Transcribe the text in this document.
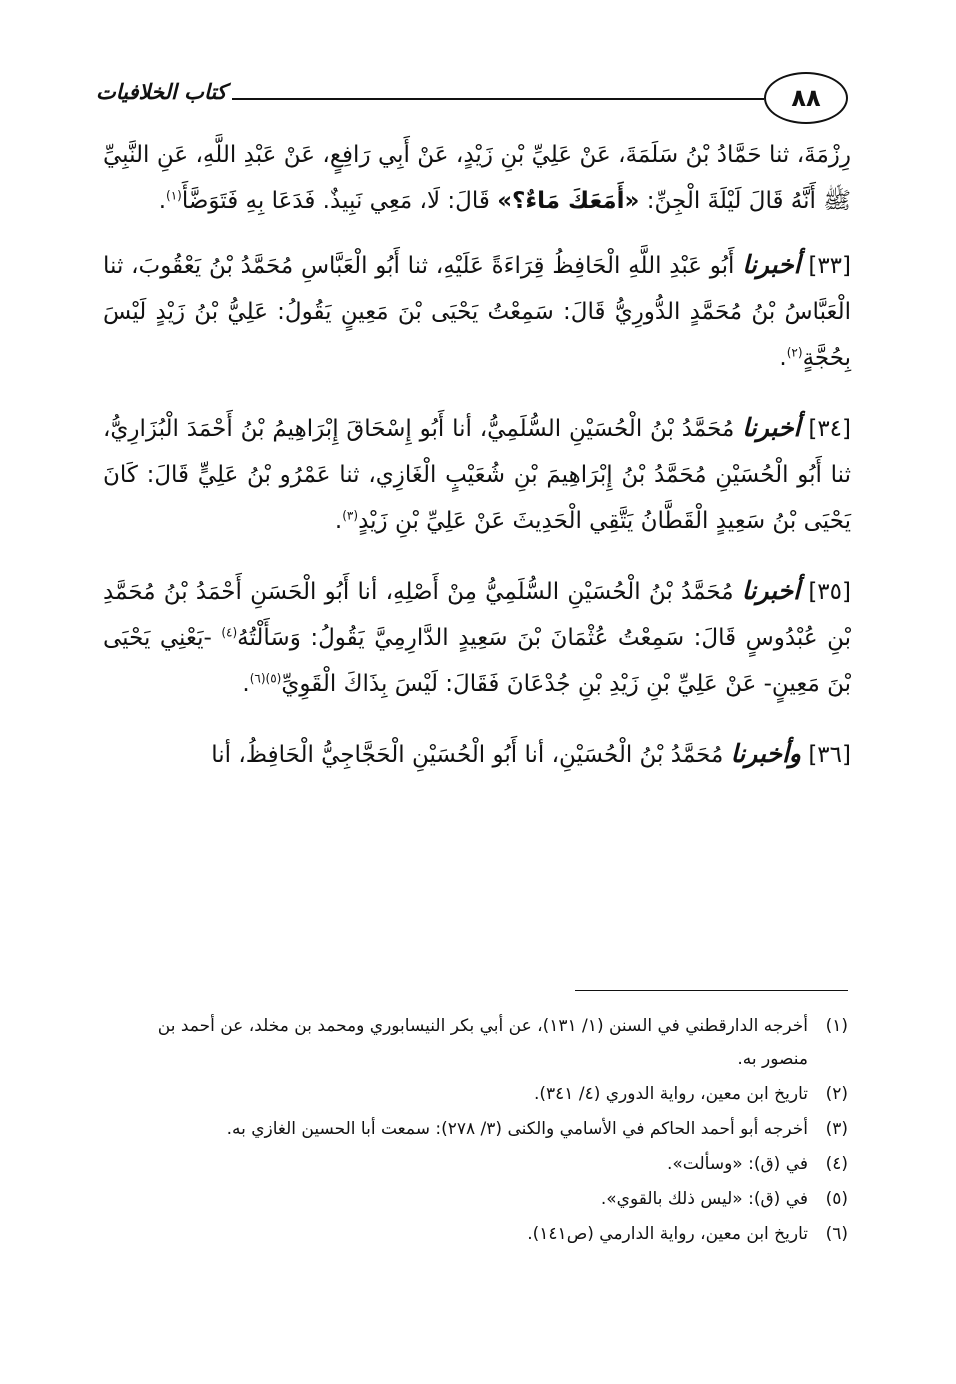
٨٨
كتاب الخلافيات

رِزْمَةَ، ثنا حَمَّادُ بْنُ سَلَمَةَ، عَنْ عَلِيِّ بْنِ زَيْدٍ، عَنْ أَبِي رَافِعٍ، عَنْ عَبْدِ اللَّهِ، عَنِ النَّبِيِّ ﷺ أَنَّهُ قَالَ لَيْلَةَ الْجِنِّ: «أَمَعَكَ مَاءٌ؟» قَالَ: لَا، مَعِي نَبِيذٌ. فَدَعَا بِهِ فَتَوَضَّأَ$^{(١)}$.

[٣٣] أخبرنا أَبُو عَبْدِ اللَّهِ الْحَافِظُ قِرَاءَةً عَلَيْهِ، ثنا أَبُو الْعَبَّاسِ مُحَمَّدُ بْنُ يَعْقُوبَ، ثنا الْعَبَّاسُ بْنُ مُحَمَّدٍ الدُّورِيُّ قَالَ: سَمِعْتُ يَحْيَى بْنَ مَعِينٍ يَقُولُ: عَلِيُّ بْنُ زَيْدٍ لَيْسَ بِحُجَّةٍ$^{(٢)}$.

[٣٤] أخبرنا مُحَمَّدُ بْنُ الْحُسَيْنِ السُّلَمِيُّ، أنا أَبُو إِسْحَاقَ إِبْرَاهِيمُ بْنُ أَحْمَدَ الْبُزَارِيُّ، ثنا أَبُو الْحُسَيْنِ مُحَمَّدُ بْنُ إِبْرَاهِيمَ بْنِ شُعَيْبٍ الْغَازِي، ثنا عَمْرُو بْنُ عَلِيٍّ قَالَ: كَانَ يَحْيَى بْنُ سَعِيدٍ الْقَطَّانُ يَتَّقِي الْحَدِيثَ عَنْ عَلِيِّ بْنِ زَيْدٍ$^{(٣)}$.

[٣٥] أخبرنا مُحَمَّدُ بْنُ الْحُسَيْنِ السُّلَمِيُّ مِنْ أَصْلِهِ، أنا أَبُو الْحَسَنِ أَحْمَدُ بْنُ مُحَمَّدِ بْنِ عُبْدُوسٍ قَالَ: سَمِعْتُ عُثْمَانَ بْنَ سَعِيدٍ الدَّارِمِيَّ يَقُولُ: وَسَأَلْتُهُ$^{(٤)}$ -يَعْنِي يَحْيَى بْنَ مَعِينٍ- عَنْ عَلِيِّ بْنِ زَيْدِ بْنِ جُدْعَانَ فَقَالَ: لَيْسَ بِذَاكَ الْقَوِيِّ$^{(٥)(٦)}$.

[٣٦] وأخبرنا مُحَمَّدُ بْنُ الْحُسَيْنِ، أنا أَبُو الْحُسَيْنِ الْحَجَّاجِيُّ الْحَافِظُ، أنا

(١)
أخرجه الدارقطني في السنن (١/ ١٣١)، عن أبي بكر النيسابوري ومحمد بن مخلد، عن أحمد بن منصور به.
(٢)
تاريخ ابن معين، رواية الدوري (٤/ ٣٤١).
(٣)
أخرجه أبو أحمد الحاكم في الأسامي والكنى (٣/ ٢٧٨): سمعت أبا الحسين الغازي به.
(٤)
في (ق): «وسألت».
(٥)
في (ق): «ليس ذلك بالقوي».
(٦)
تاريخ ابن معين، رواية الدارمي (ص١٤١).
